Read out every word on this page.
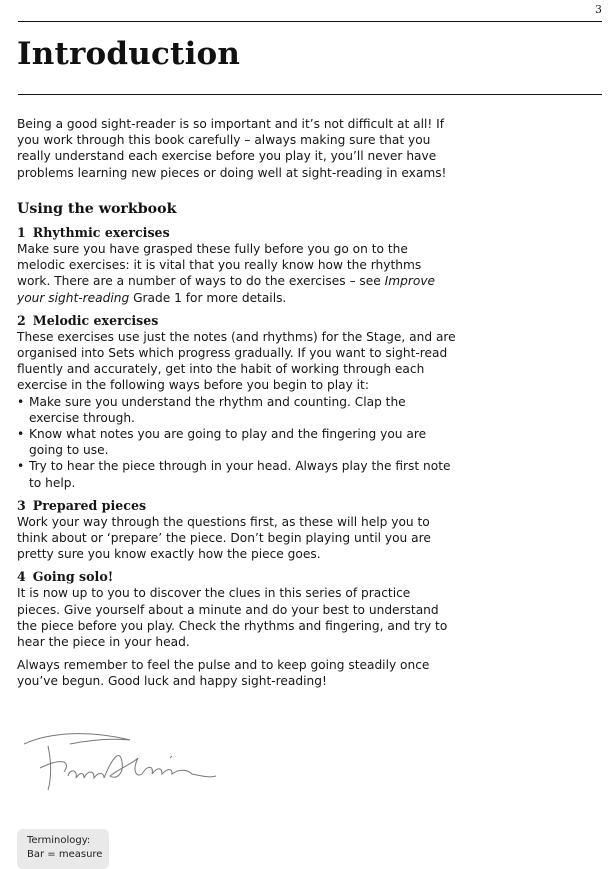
3
Introduction

Being a good sight-reader is so important and it’s not difficult at all! If you work through this book carefully – always making sure that you really understand each exercise before you play it, you’ll never have problems learning new pieces or doing well at sight-reading in exams!

Using the workbook
1 Rhythmic exercises

Make sure you have grasped these fully before you go on to the melodic exercises: it is vital that you really know how the rhythms work. There are a number of ways to do the exercises – see Improve your sight-reading Grade 1 for more details.

2 Melodic exercises

These exercises use just the notes (and rhythms) for the Stage, and are organised into Sets which progress gradually. If you want to sight-read fluently and accurately, get into the habit of working through each exercise in the following ways before you begin to play it:

• Make sure you understand the rhythm and counting. Clap the exercise through.
• Know what notes you are going to play and the fingering you are going to use.
• Try to hear the piece through in your head. Always play the first note to help.
3 Prepared pieces

Work your way through the questions first, as these will help you to think about or ‘prepare’ the piece. Don’t begin playing until you are pretty sure you know exactly how the piece goes.

4 Going solo!

It is now up to you to discover the clues in this series of practice pieces. Give yourself about a minute and do your best to understand the piece before you play. Check the rhythms and fingering, and try to hear the piece in your head.

Always remember to feel the pulse and to keep going steadily once you’ve begun. Good luck and happy sight-reading!

Terminology:
Bar = measure
